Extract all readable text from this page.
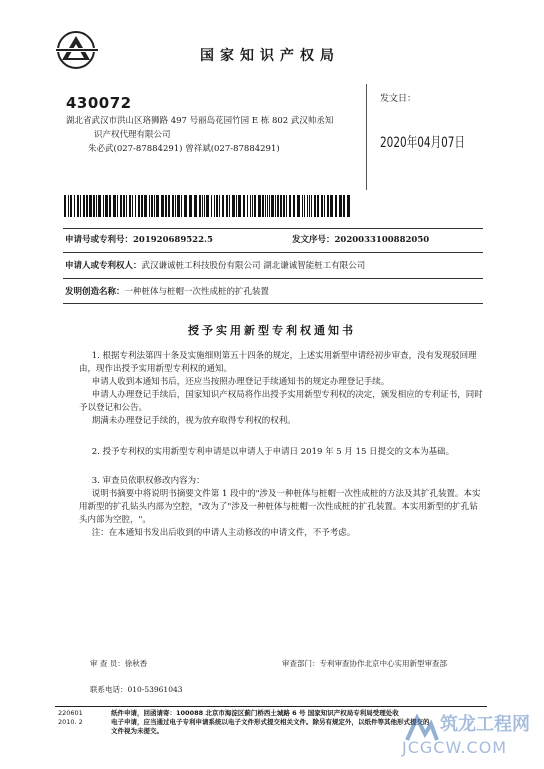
国家知识产权局
430072
湖北省武汉市洪山区珞狮路 497 号丽岛花园竹园 E 栋 802 武汉帅丞知
识产权代理有限公司
朱必武(027-87884291) 曾祥斌(027-87884291)
发文日：
2020年04月07日
申请号或专利号：201920689522.5	发文序号：2020033100882050
申请人或专利权人：武汉谦诚桩工科技股份有限公司 湖北谦诚智能桩工有限公司
发明创造名称：一种桩体与桩帽一次性成桩的扩孔装置
授予实用新型专利权通知书

1. 根据专利法第四十条及实施细则第五十四条的规定，上述实用新型申请经初步审查，没有发现驳回理

由，现作出授予实用新型专利权的通知。

申请人收到本通知书后，还应当按照办理登记手续通知书的规定办理登记手续。

申请人办理登记手续后，国家知识产权局将作出授予实用新型专利权的决定，颁发相应的专利证书，同时

予以登记和公告。

期满未办理登记手续的，视为放弃取得专利权的权利。

2. 授予专利权的实用新型专利申请是以申请人于申请日 2019 年 5 月 15 日提交的文本为基础。

3. 审查员依职权修改内容为：

说明书摘要中将说明书摘要文件第 1 段中的"涉及一种桩体与桩帽一次性成桩的方法及其扩孔装置。本实

用新型的扩孔钻头内部为空腔，"改为了"涉及一种桩体与桩帽一次性成桩的扩孔装置。本实用新型的扩孔钻

头内部为空腔，"。

注：在本通知书发出后收到的申请人主动修改的申请文件，不予考虑。

审 查 员：徐秋香	审查部门：专利审查协作北京中心实用新型审查部
联系电话：010-53961043
220601
2010. 2
纸件申请，回函请寄：100088 北京市海淀区蓟门桥西土城路 6 号 国家知识产权局专利局受理处收
电子申请，应当通过电子专利申请系统以电子文件形式提交相关文件。除另有规定外，以纸件等其他形式提交的
文件视为未提交。	筑龙工程网
JCGCW.COM
